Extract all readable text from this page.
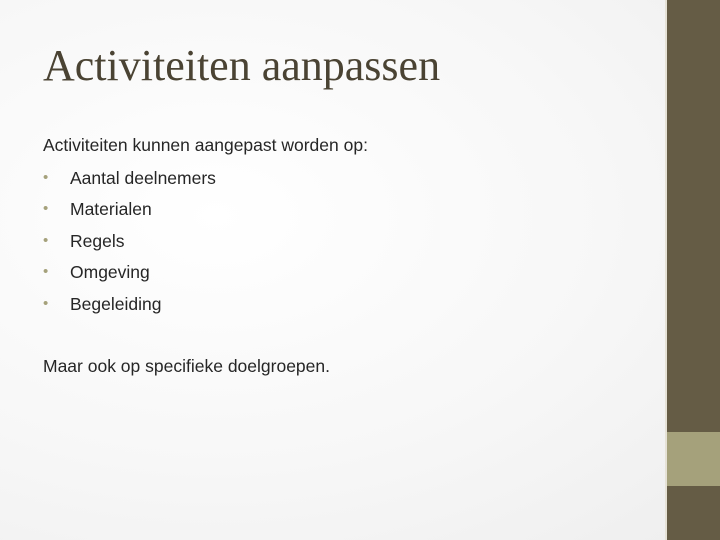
Activiteiten aanpassen

Activiteiten kunnen aangepast worden op:

•	Aantal deelnemers
•	Materialen
•	Regels
•	Omgeving
•	Begeleiding

Maar ook op specifieke doelgroepen.
